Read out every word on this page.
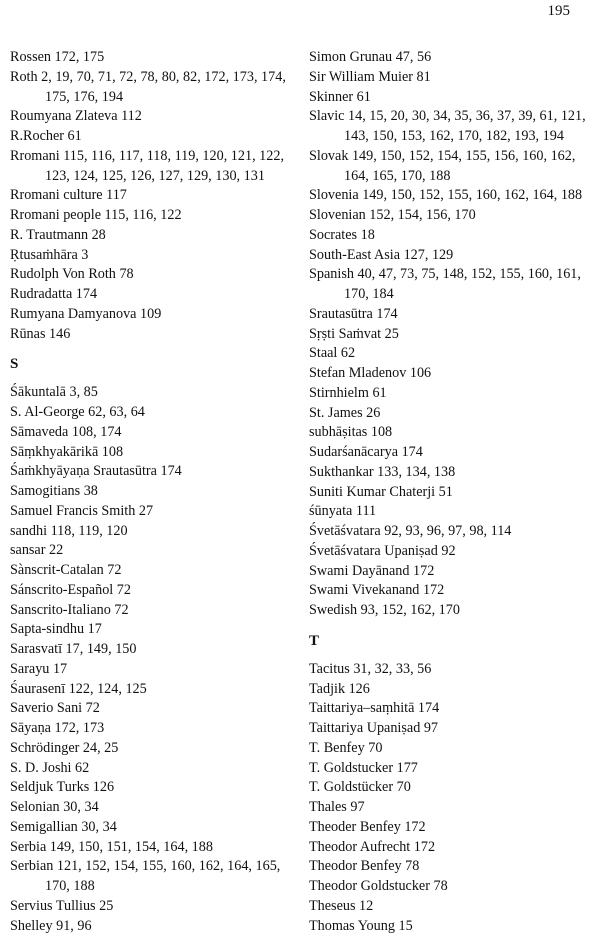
195
Rossen 172, 175
Roth 2, 19, 70, 71, 72, 78, 80, 82, 172, 173, 174, 175, 176, 194
Roumyana Zlateva 112
R.Rocher 61
Rromani 115, 116, 117, 118, 119, 120, 121, 122, 123, 124, 125, 126, 127, 129, 130, 131
Rromani culture 117
Rromani people 115, 116, 122
R. Trautmann 28
Ṛtusaṁhāra 3
Rudolph Von Roth 78
Rudradatta 174
Rumyana Damyanova 109
Rūnas 146
S
Śākuntalā 3, 85
S. Al-George 62, 63, 64
Sāmaveda 108, 174
Sāṃkhyakārikā 108
Śaṁkhyāyaṇa Srautasūtra 174
Samogitians 38
Samuel Francis Smith 27
sandhi 118, 119, 120
sansar 22
Sànscrit-Catalan 72
Sánscrito-Español 72
Sanscrito-Italiano 72
Sapta-sindhu 17
Sarasvatī 17, 149, 150
Sarayu 17
Śaurasenī 122, 124, 125
Saverio Sani 72
Sāyaṇa 172, 173
Schrödinger 24, 25
S. D. Joshi 62
Seldjuk Turks 126
Selonian 30, 34
Semigallian 30, 34
Serbia 149, 150, 151, 154, 164, 188
Serbian 121, 152, 154, 155, 160, 162, 164, 165, 170, 188
Servius Tullius 25
Shelley 91, 96
Simon Grunau 47, 56
Sir William Muier 81
Skinner 61
Slavic 14, 15, 20, 30, 34, 35, 36, 37, 39, 61, 121, 143, 150, 153, 162, 170, 182, 193, 194
Slovak 149, 150, 152, 154, 155, 156, 160, 162, 164, 165, 170, 188
Slovenia 149, 150, 152, 155, 160, 162, 164, 188
Slovenian 152, 154, 156, 170
Socrates 18
South-East Asia 127, 129
Spanish 40, 47, 73, 75, 148, 152, 155, 160, 161, 170, 184
Srautasūtra 174
Sṛṣti Saṁvat 25
Staal 62
Stefan Mladenov 106
Stirnhielm 61
St. James 26
subhāṣitas 108
Sudarśanācarya 174
Sukthankar 133, 134, 138
Suniti Kumar Chaterji 51
śūnyata 111
Śvetāśvatara 92, 93, 96, 97, 98, 114
Śvetāśvatara Upaniṣad 92
Swami Dayānand 172
Swami Vivekanand 172
Swedish 93, 152, 162, 170
T
Tacitus 31, 32, 33, 56
Tadjik 126
Taittariya–saṃhitā 174
Taittariya Upaniṣad 97
T. Benfey 70
T. Goldstucker 177
T. Goldstücker 70
Thales 97
Theoder Benfey 172
Theodor Aufrecht 172
Theodor Benfey 78
Theodor Goldstucker 78
Theseus 12
Thomas Young 15
